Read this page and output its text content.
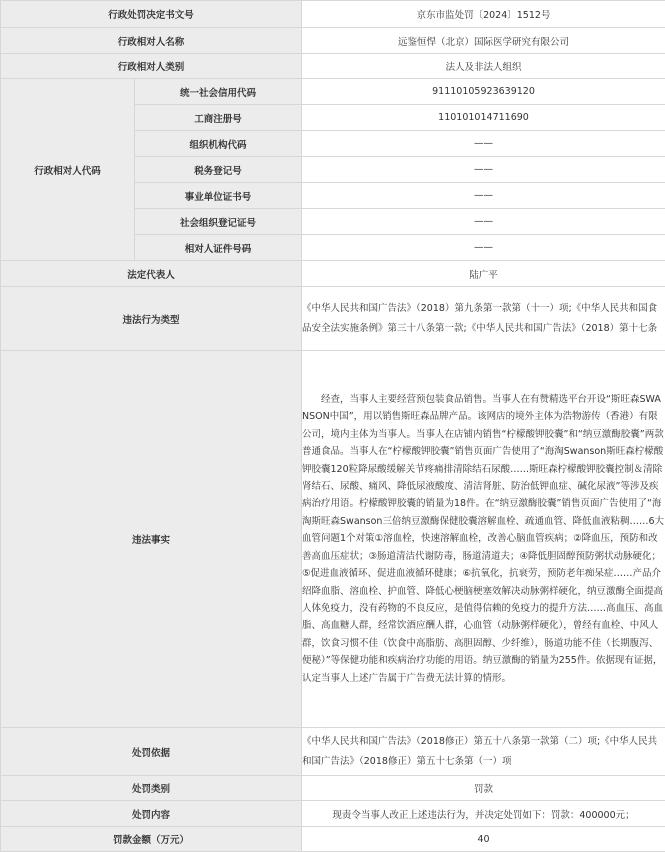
行政处罚决定书文号		京东市监处罚〔2024〕1512号
行政相对人名称		远鉴恒悍（北京）国际医学研究有限公司
行政相对人类别		法人及非法人组织
行政相对人代码	统一社会信用代码	91110105923639120
	工商注册号	110101014711690
	组织机构代码	——
	税务登记号	——
	事业单位证书号	——
	社会组织登记证号	——
	相对人证件号码	——
法定代表人		陆广平
违法行为类型		《中华人民共和国广告法》（2018）第九条第一款第（十一）项;《中华人民共和国食品安全法实施条例》第三十八条第一款;《中华人民共和国广告法》（2018）第十七条
违法事实		经查，当事人主要经营预包装食品销售。当事人在有赞精选平台开设“斯旺森SWANSON中国”，用以销售斯旺森品牌产品。该网店的境外主体为浩物游传（香港）有限公司，境内主体为当事人。当事人在店铺内销售“柠檬酸钾胶囊”和“纳豆激酶胶囊”两款普通食品。当事人在“柠檬酸钾胶囊”销售页面广告使用了“海淘Swanson斯旺森柠檬酸钾胶囊120粒降尿酸缓解关节疼痛排清除结石尿酸……斯旺森柠檬酸钾胶囊控制＆清除肾结石、尿酸、痛风、降低尿液酸度、清洁肾脏、防治低钾血症、碱化尿液”等涉及疾病治疗用语。柠檬酸钾胶囊的销量为18件。在“纳豆激酶胶囊”销售页面广告使用了“海淘斯旺森Swanson三倍纳豆激酶保健胶囊溶解血栓、疏通血管、降低血液粘稠……6大血管问题1个对策①溶血栓，快速溶解血栓，改善心脑血管疾病；②降血压，预防和改善高血压症状；③肠道清洁代谢防毒，肠道清道夫；④降低胆固醇预防粥状动脉硬化；⑤促进血液循环、促进血液循环健康；⑥抗氧化，抗衰劳，预防老年痴呆症……产品介绍降血脂、溶血栓、护血管、降低心梗脑梗塞效解决动脉粥样硬化，纳豆激酶全面提高人体免疫力，没有药物的不良反应，是值得信赖的免疫力的提升方法……高血压、高血脂、高血糖人群，经常饮酒应酬人群，心血管（动脉粥样硬化），曾经有血栓、中风人群，饮食习惯不佳（饮食中高脂肪、高胆固醇、少纤维），肠道功能不佳（长期腹泻、便秘）”等保健功能和疾病治疗功能的用语。纳豆激酶的销量为255件。依据现有证据，认定当事人上述广告属于广告费无法计算的情形。

处罚依据		《中华人民共和国广告法》（2018修正）第五十八条第一款第（二）项;《中华人民共和国广告法》（2018修正）第五十七条第（一）项
处罚类别		罚款
处罚内容		现责令当事人改正上述违法行为，并决定处罚如下：罚款：400000元；
罚款金额（万元）		40
